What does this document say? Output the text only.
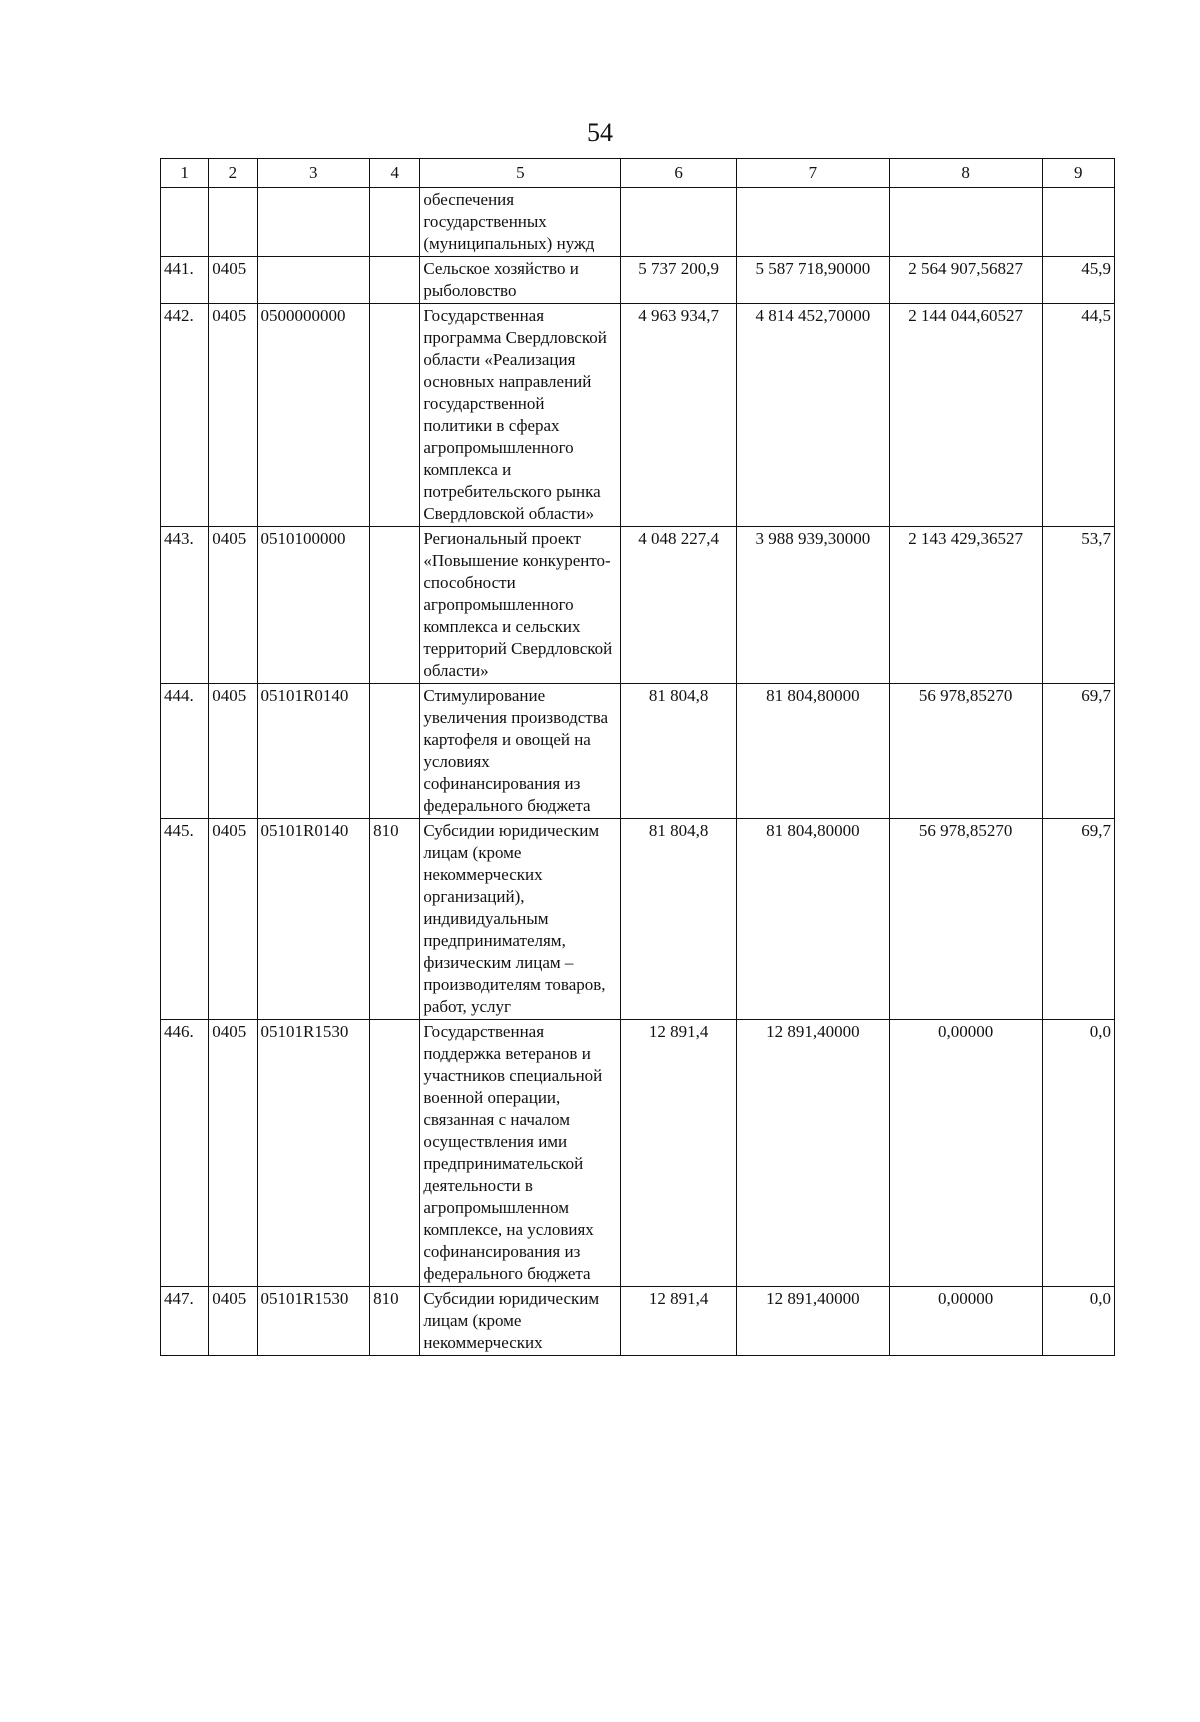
54
1	2	3	4	5	6	7	8	9
				обеспечения государственных (муниципальных) нужд				
441.	0405			Сельское хозяйство и рыболовство	5 737 200,9	5 587 718,90000	2 564 907,56827	45,9
442.	0405	0500000000		Государственная программа Свердловской области «Реализация основных направлений государственной политики в сферах агропромышленного комплекса и потребительского рынка Свердловской области»	4 963 934,7	4 814 452,70000	2 144 044,60527	44,5
443.	0405	0510100000		Региональный проект «Повышение конкуренто-способности агропромышленного комплекса и сельских территорий Свердловской области»	4 048 227,4	3 988 939,30000	2 143 429,36527	53,7
444.	0405	05101R0140		Стимулирование увеличения производства картофеля и овощей на условиях софинансирования из федерального бюджета	81 804,8	81 804,80000	56 978,85270	69,7
445.	0405	05101R0140	810	Субсидии юридическим лицам (кроме некоммерческих организаций), индивидуальным предпринимателям, физическим лицам – производителям товаров, работ, услуг	81 804,8	81 804,80000	56 978,85270	69,7
446.	0405	05101R1530		Государственная поддержка ветеранов и участников специальной военной операции, связанная с началом осуществления ими предпринимательской деятельности в агропромышленном комплексе, на условиях софинансирования из федерального бюджета	12 891,4	12 891,40000	0,00000	0,0
447.	0405	05101R1530	810	Субсидии юридическим лицам (кроме некоммерческих	12 891,4	12 891,40000	0,00000	0,0
